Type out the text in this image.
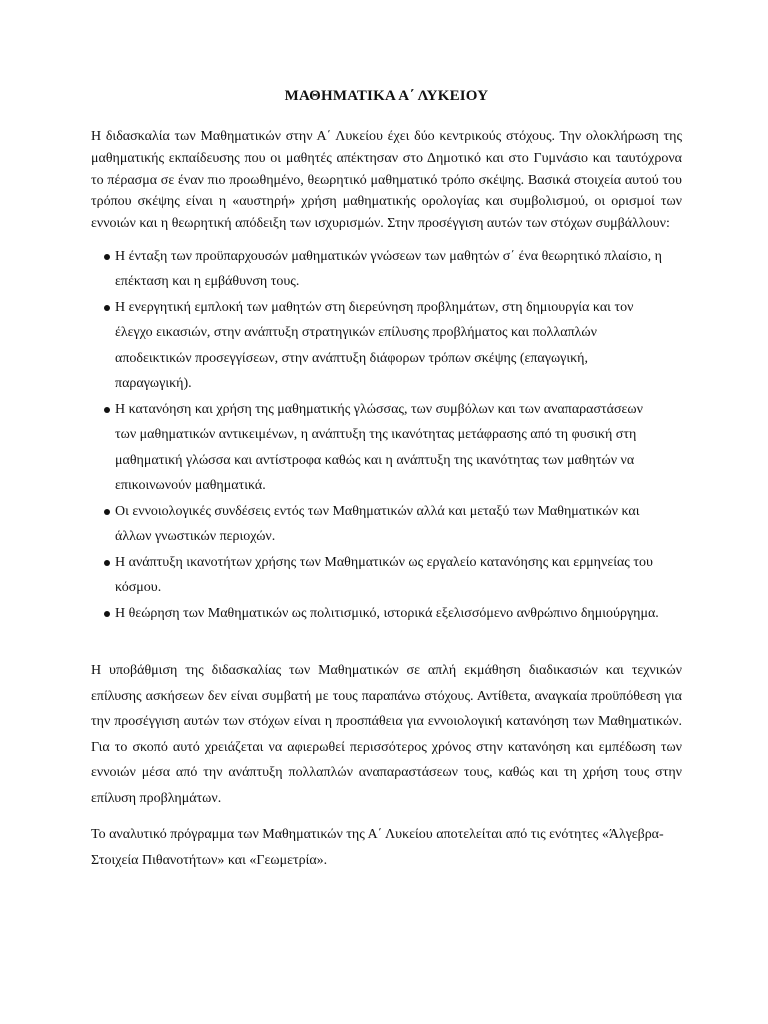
ΜΑΘΗΜΑΤΙΚΑ Α΄ ΛΥΚΕΙΟΥ

Η διδασκαλία των Μαθηματικών στην Α΄ Λυκείου έχει δύο κεντρικούς στόχους. Την ολοκλήρωση της μαθηματικής εκπαίδευσης που οι μαθητές απέκτησαν στο Δημοτικό και στο Γυμνάσιο και ταυτόχρονα το πέρασμα σε έναν πιο προωθημένο, θεωρητικό μαθηματικό τρόπο σκέψης. Βασικά στοιχεία αυτού του τρόπου σκέψης είναι η «αυστηρή» χρήση μαθηματικής ορολογίας και συμβολισμού, οι ορισμοί των εννοιών και η θεωρητική απόδειξη των ισχυρισμών. Στην προσέγγιση αυτών των στόχων συμβάλλουν:

Η ένταξη των προϋπαρχουσών μαθηματικών γνώσεων των μαθητών σ΄ ένα θεωρητικό πλαίσιο, η επέκταση και η εμβάθυνση τους.
Η ενεργητική εμπλοκή των μαθητών στη διερεύνηση προβλημάτων, στη δημιουργία και τον έλεγχο εικασιών, στην ανάπτυξη στρατηγικών επίλυσης προβλήματος και πολλαπλών αποδεικτικών προσεγγίσεων, στην ανάπτυξη διάφορων τρόπων σκέψης (επαγωγική, παραγωγική).
Η κατανόηση και χρήση της μαθηματικής γλώσσας, των συμβόλων και των αναπαραστάσεων των μαθηματικών αντικειμένων, η ανάπτυξη της ικανότητας μετάφρασης από τη φυσική στη μαθηματική γλώσσα και αντίστροφα καθώς και η ανάπτυξη της ικανότητας των μαθητών να επικοινωνούν μαθηματικά.
Οι εννοιολογικές συνδέσεις εντός των Μαθηματικών αλλά και μεταξύ των Μαθηματικών και άλλων γνωστικών περιοχών.
Η ανάπτυξη ικανοτήτων χρήσης των Μαθηματικών ως εργαλείο κατανόησης και ερμηνείας του κόσμου.
Η θεώρηση των Μαθηματικών ως πολιτισμικό, ιστορικά εξελισσόμενο ανθρώπινο δημιούργημα.

Η υποβάθμιση της διδασκαλίας των Μαθηματικών σε απλή εκμάθηση διαδικασιών και τεχνικών επίλυσης ασκήσεων δεν είναι συμβατή με τους παραπάνω στόχους. Αντίθετα, αναγκαία προϋπόθεση για την προσέγγιση αυτών των στόχων είναι η προσπάθεια για εννοιολογική κατανόηση των Μαθηματικών. Για το σκοπό αυτό χρειάζεται να αφιερωθεί περισσότερος χρόνος στην κατανόηση και εμπέδωση των εννοιών μέσα από την ανάπτυξη πολλαπλών αναπαραστάσεων τους, καθώς και τη χρήση τους στην επίλυση προβλημάτων.

Το αναλυτικό πρόγραμμα των Μαθηματικών της Α΄ Λυκείου αποτελείται από τις ενότητες «Άλγεβρα-Στοιχεία Πιθανοτήτων» και «Γεωμετρία».
